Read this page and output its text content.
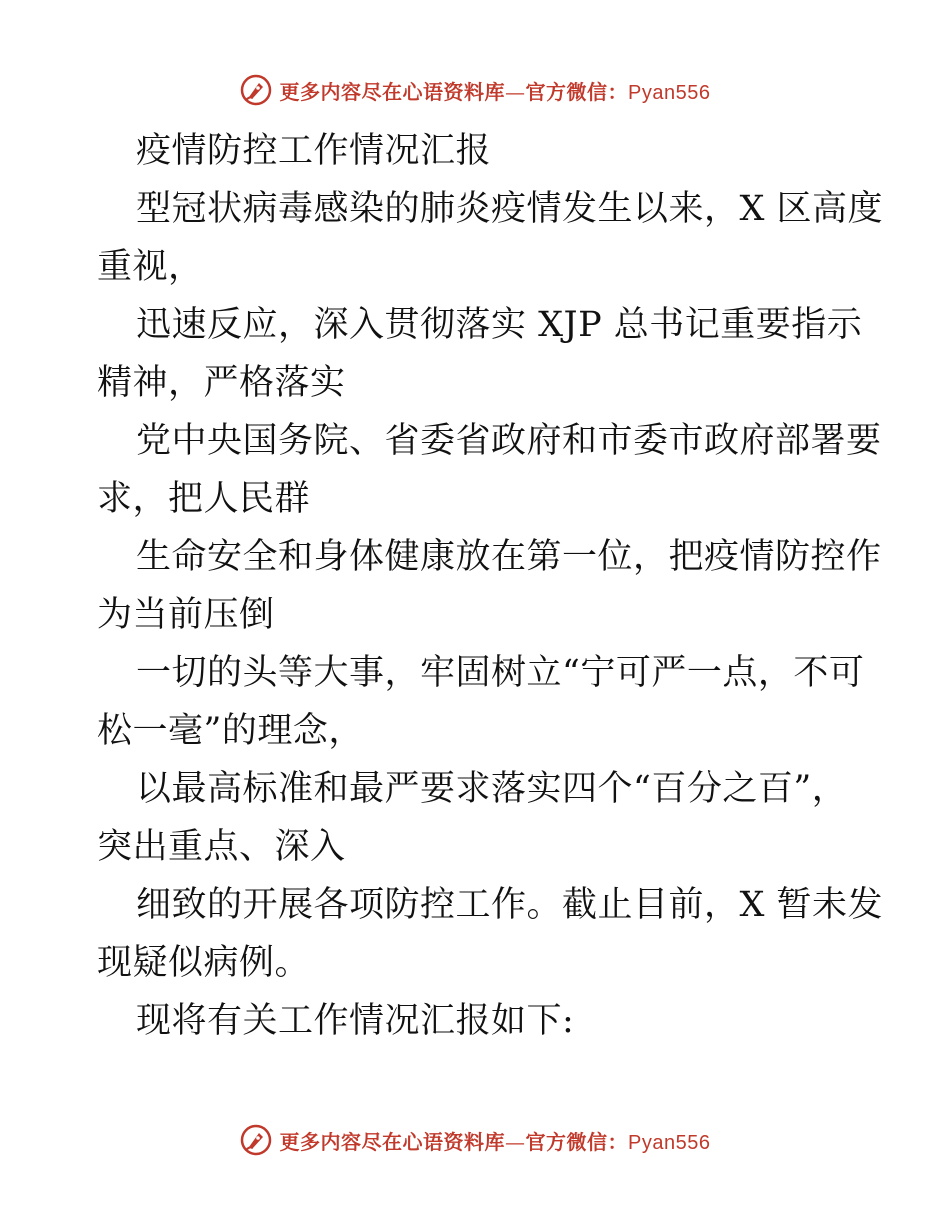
更多内容尽在心语资料库—官方微信：Pyan556
疫情防控工作情况汇报
型冠状病毒感染的肺炎疫情发生以来，X 区高度
重视，
迅速反应，深入贯彻落实 XJP 总书记重要指示
精神，严格落实
党中央国务院、省委省政府和市委市政府部署要
求，把人民群
生命安全和身体健康放在第一位，把疫情防控作
为当前压倒
一切的头等大事，牢固树立“宁可严一点，不可
松一毫”的理念，
以最高标准和最严要求落实四个“百分之百”，
突出重点、深入
细致的开展各项防控工作。截止目前，X 暂未发
现疑似病例。
现将有关工作情况汇报如下:
更多内容尽在心语资料库—官方微信：Pyan556
